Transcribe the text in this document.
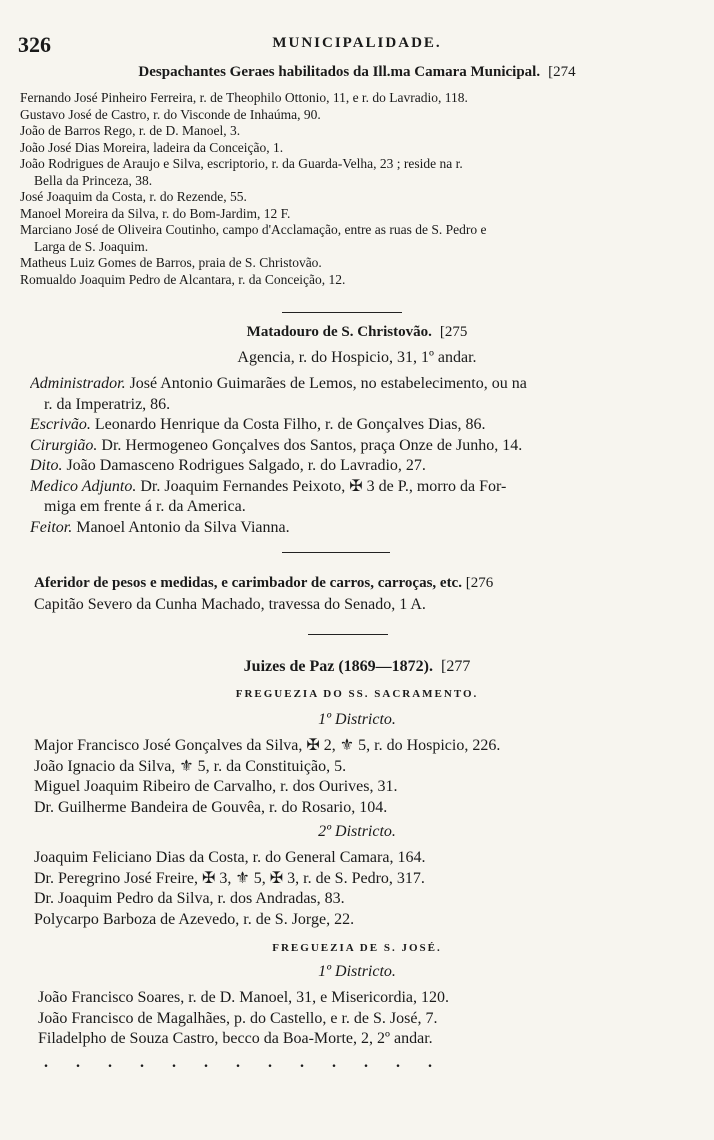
326	MUNICIPALIDADE.
Despachantes Geraes habilitados da Ill.ma Camara Municipal. [274
Fernando José Pinheiro Ferreira, r. de Theophilo Ottonio, 11, e r. do Lavradio, 118.
Gustavo José de Castro, r. do Visconde de Inhaúma, 90.
João de Barros Rego, r. de D. Manoel, 3.
João José Dias Moreira, ladeira da Conceição, 1.
João Rodrigues de Araujo e Silva, escriptorio, r. da Guarda-Velha, 23 ; reside na r.
Bella da Princeza, 38.
José Joaquim da Costa, r. do Rezende, 55.
Manoel Moreira da Silva, r. do Bom-Jardim, 12 F.
Marciano José de Oliveira Coutinho, campo d'Acclamação, entre as ruas de S. Pedro e
Larga de S. Joaquim.
Matheus Luiz Gomes de Barros, praia de S. Christovão.
Romualdo Joaquim Pedro de Alcantara, r. da Conceição, 12.
Matadouro de S. Christovão. [275
Agencia, r. do Hospicio, 31, 1º andar.
Administrador. José Antonio Guimarães de Lemos, no estabelecimento, ou na
r. da Imperatriz, 86.
Escrivão. Leonardo Henrique da Costa Filho, r. de Gonçalves Dias, 86.
Cirurgião. Dr. Hermogeneo Gonçalves dos Santos, praça Onze de Junho, 14.
Dito. João Damasceno Rodrigues Salgado, r. do Lavradio, 27.
Medico Adjunto. Dr. Joaquim Fernandes Peixoto, ✠ 3 de P., morro da For-
miga em frente á r. da America.
Feitor. Manoel Antonio da Silva Vianna.
Aferidor de pesos e medidas, e carimbador de carros, carroças, etc. [276
Capitão Severo da Cunha Machado, travessa do Senado, 1 A.
Juizes de Paz (1869—1872). [277
FREGUEZIA DO SS. SACRAMENTO.
1º Districto.
Major Francisco José Gonçalves da Silva, ✠ 2, ⚜ 5, r. do Hospicio, 226.
João Ignacio da Silva, ⚜ 5, r. da Constituição, 5.
Miguel Joaquim Ribeiro de Carvalho, r. dos Ourives, 31.
Dr. Guilherme Bandeira de Gouvêa, r. do Rosario, 104.
2º Districto.
Joaquim Feliciano Dias da Costa, r. do General Camara, 164.
Dr. Peregrino José Freire, ✠ 3, ⚜ 5, ✠ 3, r. de S. Pedro, 317.
Dr. Joaquim Pedro da Silva, r. dos Andradas, 83.
Polycarpo Barboza de Azevedo, r. de S. Jorge, 22.
FREGUEZIA DE S. JOSÉ.
1º Districto.
João Francisco Soares, r. de D. Manoel, 31, e Misericordia, 120.
João Francisco de Magalhães, p. do Castello, e r. de S. José, 7.
Filadelpho de Souza Castro, becco da Boa-Morte, 2, 2º andar.
. . . . . . . . . . . . .
